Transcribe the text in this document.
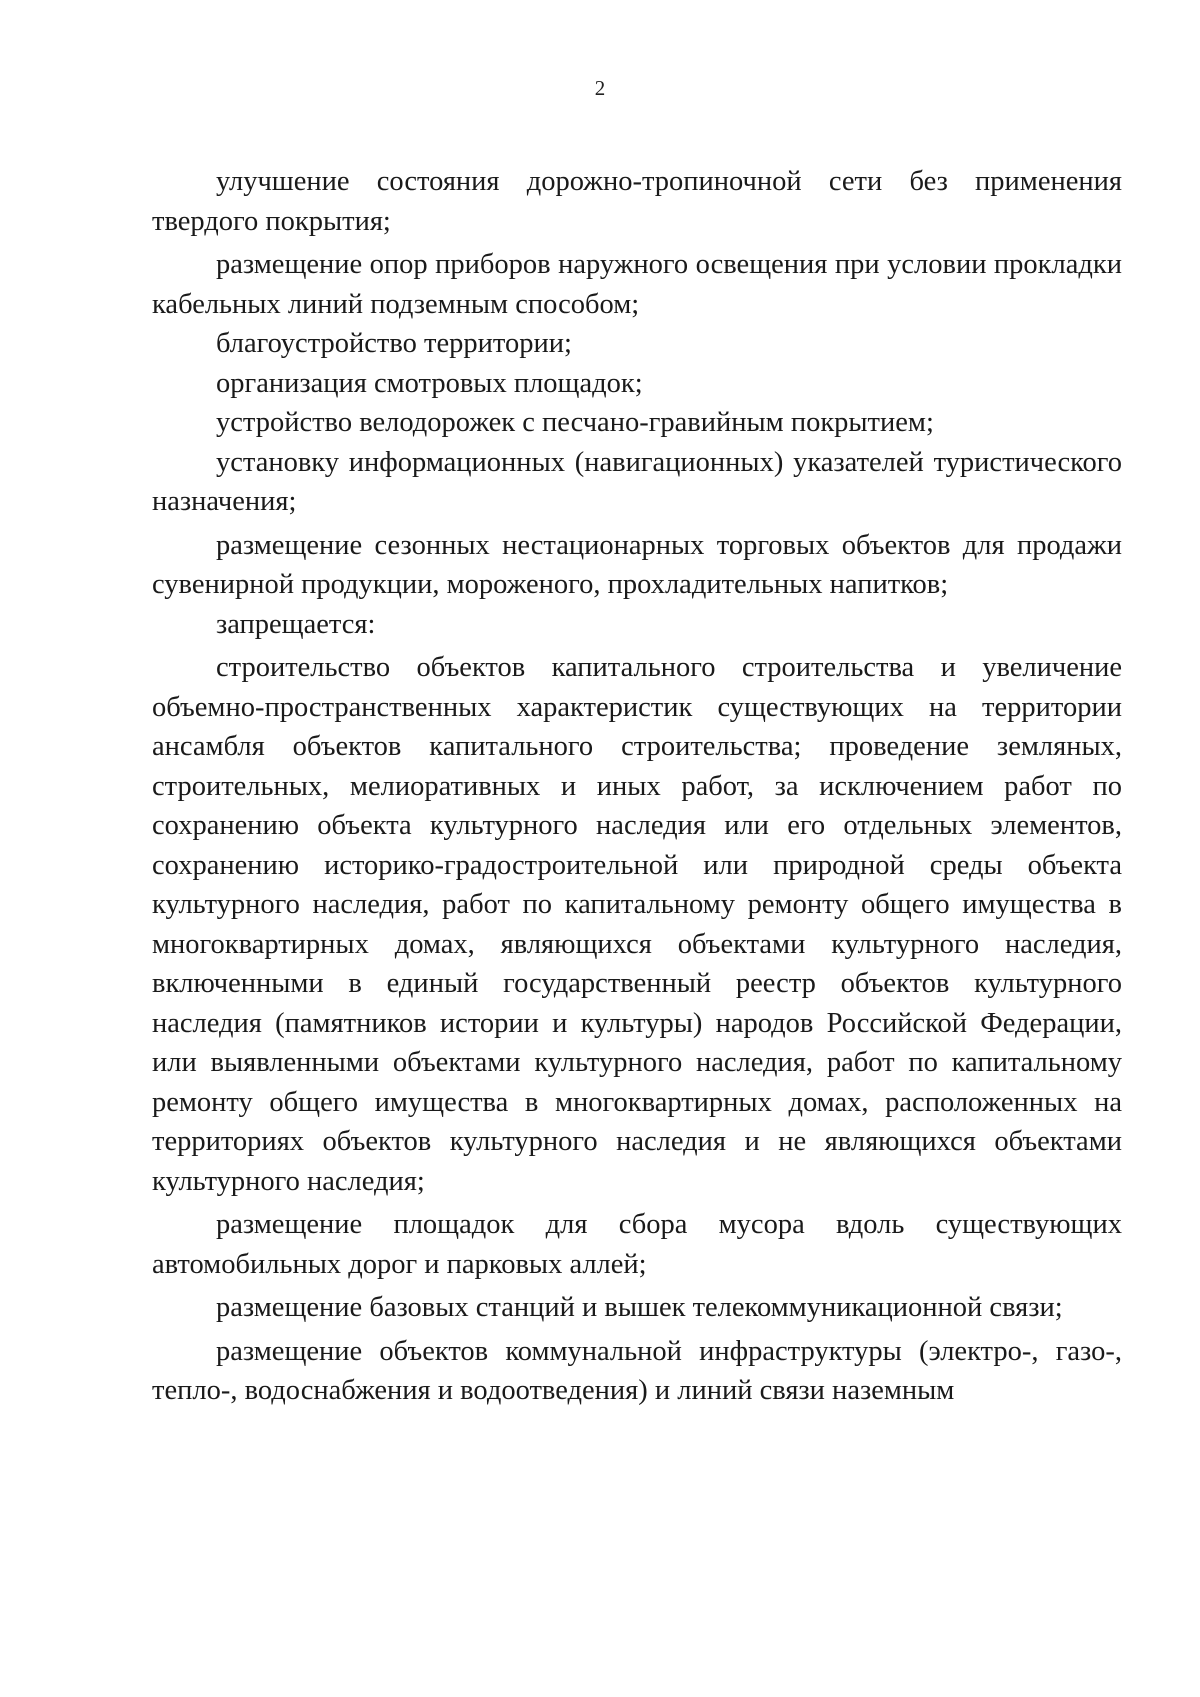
2

улучшение состояния дорожно-тропиночной сети без применения твердого покрытия;

размещение опор приборов наружного освещения при условии прокладки кабельных линий подземным способом;

благоустройство территории;

организация смотровых площадок;

устройство велодорожек с песчано-гравийным покрытием;

установку информационных (навигационных) указателей туристического назначения;

размещение сезонных нестационарных торговых объектов для продажи сувенирной продукции, мороженого, прохладительных напитков;

запрещается:

строительство объектов капитального строительства и увеличение объемно-пространственных характеристик существующих на территории ансамбля объектов капитального строительства; проведение земляных, строительных, мелиоративных и иных работ, за исключением работ по сохранению объекта культурного наследия или его отдельных элементов, сохранению историко-градостроительной или природной среды объекта культурного наследия, работ по капитальному ремонту общего имущества в многоквартирных домах, являющихся объектами культурного наследия, включенными в единый государственный реестр объектов культурного наследия (памятников истории и культуры) народов Российской Федерации, или выявленными объектами культурного наследия, работ по капитальному ремонту общего имущества в многоквартирных домах, расположенных на территориях объектов культурного наследия и не являющихся объектами культурного наследия;

размещение площадок для сбора мусора вдоль существующих автомобильных дорог и парковых аллей;

размещение базовых станций и вышек телекоммуникационной связи;

размещение объектов коммунальной инфраструктуры (электро-, газо-, тепло-, водоснабжения и водоотведения) и линий связи наземным
